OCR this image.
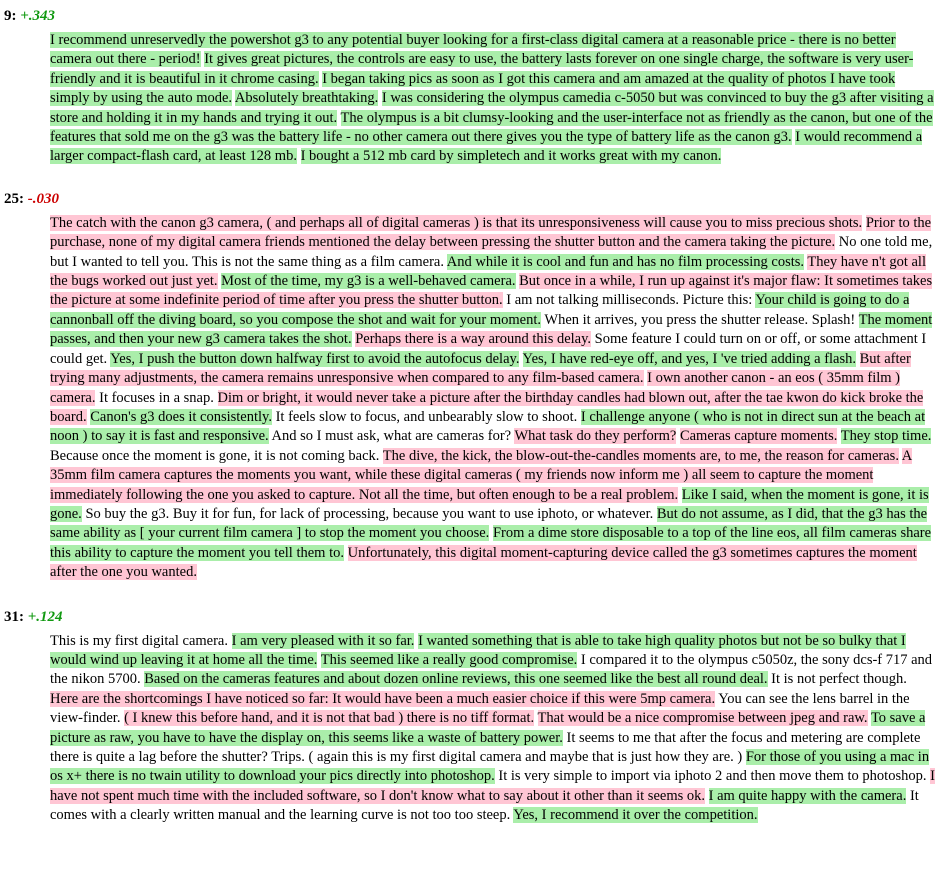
9: +.343
I recommend unreservedly the powershot g3 to any potential buyer looking for a first-class digital camera at a reasonable price - there is no better camera out there - period! It gives great pictures, the controls are easy to use, the battery lasts forever on one single charge, the software is very user-friendly and it is beautiful in it chrome casing. I began taking pics as soon as I got this camera and am amazed at the quality of photos I have took simply by using the auto mode. Absolutely breathtaking. I was considering the olympus camedia c-5050 but was convinced to buy the g3 after visiting a store and holding it in my hands and trying it out. The olympus is a bit clumsy-looking and the user-interface not as friendly as the canon, but one of the features that sold me on the g3 was the battery life - no other camera out there gives you the type of battery life as the canon g3. I would recommend a larger compact-flash card, at least 128 mb. I bought a 512 mb card by simpletech and it works great with my canon.
25: -.030
The catch with the canon g3 camera, ( and perhaps all of digital cameras ) is that its unresponsiveness will cause you to miss precious shots. Prior to the purchase, none of my digital camera friends mentioned the delay between pressing the shutter button and the camera taking the picture. No one told me, but I wanted to tell you. This is not the same thing as a film camera. And while it is cool and fun and has no film processing costs. They have n't got all the bugs worked out just yet. Most of the time, my g3 is a well-behaved camera. But once in a while, I run up against it's major flaw: It sometimes takes the picture at some indefinite period of time after you press the shutter button. I am not talking milliseconds. Picture this: Your child is going to do a cannonball off the diving board, so you compose the shot and wait for your moment. When it arrives, you press the shutter release. Splash! The moment passes, and then your new g3 camera takes the shot. Perhaps there is a way around this delay. Some feature I could turn on or off, or some attachment I could get. Yes, I push the button down halfway first to avoid the autofocus delay. Yes, I have red-eye off, and yes, I 've tried adding a flash. But after trying many adjustments, the camera remains unresponsive when compared to any film-based camera. I own another canon - an eos ( 35mm film ) camera. It focuses in a snap. Dim or bright, it would never take a picture after the birthday candles had blown out, after the tae kwon do kick broke the board. Canon's g3 does it consistently. It feels slow to focus, and unbearably slow to shoot. I challenge anyone ( who is not in direct sun at the beach at noon ) to say it is fast and responsive. And so I must ask, what are cameras for? What task do they perform? Cameras capture moments. They stop time. Because once the moment is gone, it is not coming back. The dive, the kick, the blow-out-the-candles moments are, to me, the reason for cameras. A 35mm film camera captures the moments you want, while these digital cameras ( my friends now inform me ) all seem to capture the moment immediately following the one you asked to capture. Not all the time, but often enough to be a real problem. Like I said, when the moment is gone, it is gone. So buy the g3. Buy it for fun, for lack of processing, because you want to use iphoto, or whatever. But do not assume, as I did, that the g3 has the same ability as [ your current film camera ] to stop the moment you choose. From a dime store disposable to a top of the line eos, all film cameras share this ability to capture the moment you tell them to. Unfortunately, this digital moment-capturing device called the g3 sometimes captures the moment after the one you wanted.
31: +.124
This is my first digital camera. I am very pleased with it so far. I wanted something that is able to take high quality photos but not be so bulky that I would wind up leaving it at home all the time. This seemed like a really good compromise. I compared it to the olympus c5050z, the sony dcs-f 717 and the nikon 5700. Based on the cameras features and about dozen online reviews, this one seemed like the best all round deal. It is not perfect though. Here are the shortcomings I have noticed so far: It would have been a much easier choice if this were 5mp camera. You can see the lens barrel in the view-finder. ( I knew this before hand, and it is not that bad ) there is no tiff format. That would be a nice compromise between jpeg and raw. To save a picture as raw, you have to have the display on, this seems like a waste of battery power. It seems to me that after the focus and metering are complete there is quite a lag before the shutter? Trips. ( again this is my first digital camera and maybe that is just how they are. ) For those of you using a mac in os x+ there is no twain utility to download your pics directly into photoshop. It is very simple to import via iphoto 2 and then move them to photoshop. I have not spent much time with the included software, so I don't know what to say about it other than it seems ok. I am quite happy with the camera. It comes with a clearly written manual and the learning curve is not too too steep. Yes, I recommend it over the competition.
